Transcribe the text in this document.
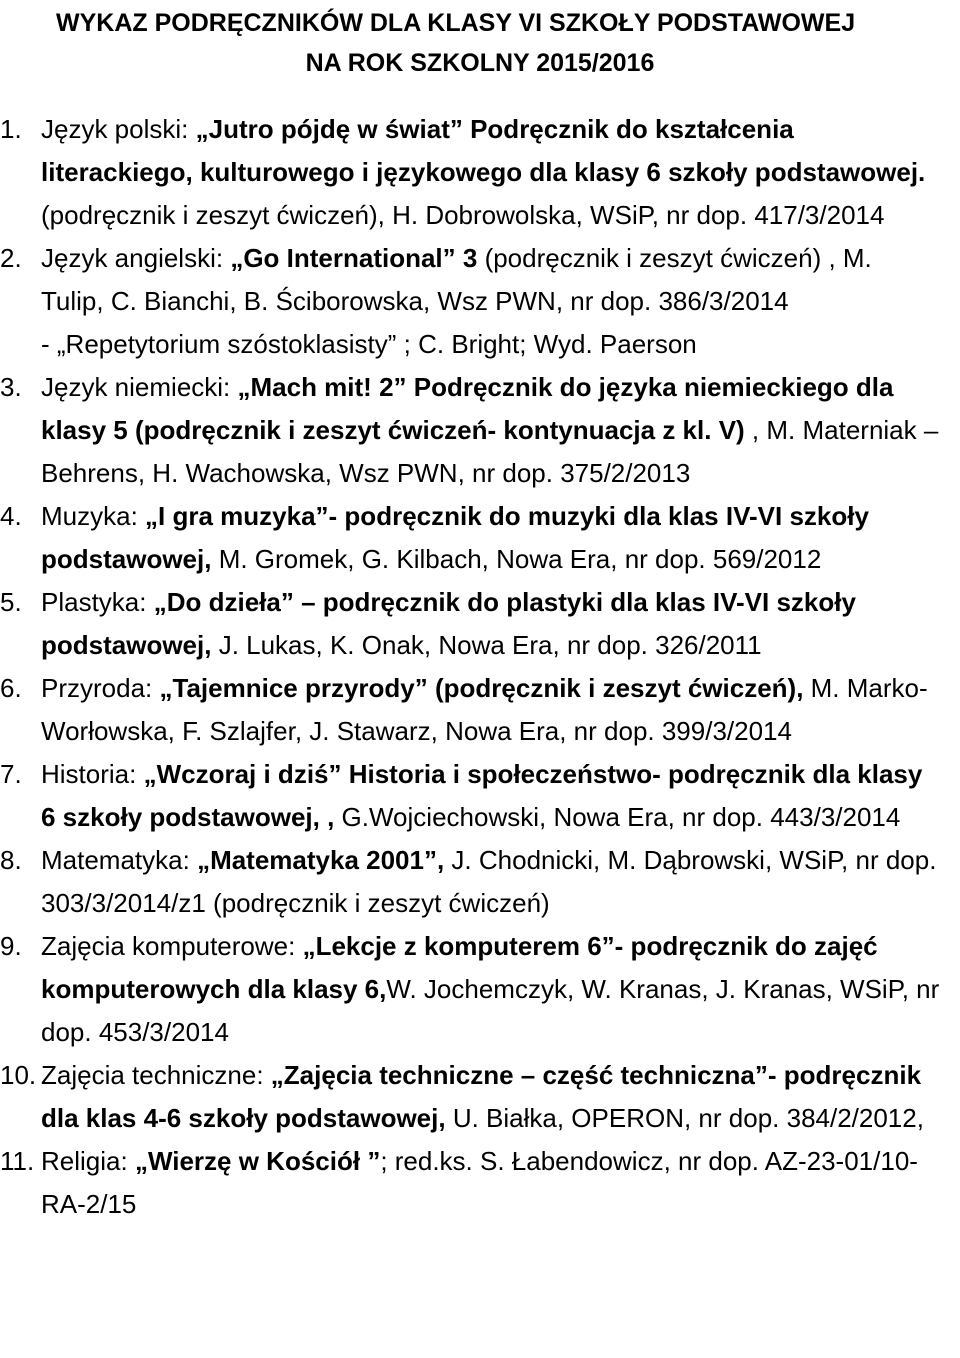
WYKAZ PODRĘCZNIKÓW DLA KLASY VI SZKOŁY PODSTAWOWEJ
NA ROK SZKOLNY 2015/2016
1. Język polski: „Jutro pójdę w świat” Podręcznik do kształcenia literackiego, kulturowego i językowego dla klasy 6 szkoły podstawowej. (podręcznik i zeszyt ćwiczeń), H. Dobrowolska, WSiP, nr dop. 417/3/2014
2. Język angielski: „Go International” 3 (podręcznik i zeszyt ćwiczeń) , M. Tulip, C. Bianchi, B. Ściborowska, Wsz PWN, nr dop. 386/3/2014
- „Repetytorium szóstoklasisty” ; C. Bright; Wyd. Paerson
3. Język niemiecki: „Mach mit! 2” Podręcznik do języka niemieckiego dla klasy 5 (podręcznik i zeszyt ćwiczeń- kontynuacja z kl. V) , M. Materniak – Behrens, H. Wachowska, Wsz PWN, nr dop. 375/2/2013
4. Muzyka: „I gra muzyka”- podręcznik do muzyki dla klas IV-VI szkoły podstawowej, M. Gromek, G. Kilbach, Nowa Era, nr dop. 569/2012
5. Plastyka: „Do dzieła” – podręcznik do plastyki dla klas IV-VI szkoły podstawowej, J. Lukas, K. Onak, Nowa Era, nr dop. 326/2011
6. Przyroda: „Tajemnice przyrody” (podręcznik i zeszyt ćwiczeń), M. Marko- Worłowska, F. Szlajfer, J. Stawarz, Nowa Era, nr dop. 399/3/2014
7. Historia: „Wczoraj i dziś” Historia i społeczeństwo- podręcznik dla klasy 6 szkoły podstawowej, , G.Wojciechowski, Nowa Era, nr dop. 443/3/2014
8. Matematyka: „Matematyka 2001”, J. Chodnicki, M. Dąbrowski, WSiP, nr dop. 303/3/2014/z1 (podręcznik i zeszyt ćwiczeń)
9. Zajęcia komputerowe: „Lekcje z komputerem 6”- podręcznik do zajęć komputerowych dla klasy 6,W. Jochemczyk, W. Kranas, J. Kranas, WSiP, nr dop. 453/3/2014
10. Zajęcia techniczne: „Zajęcia techniczne – część techniczna”- podręcznik dla klas 4-6 szkoły podstawowej, U. Białka, OPERON, nr dop. 384/2/2012,
11. Religia: „Wierzę w Kościół ”; red.ks. S. Łabendowicz, nr dop. AZ-23-01/10-RA-2/15
